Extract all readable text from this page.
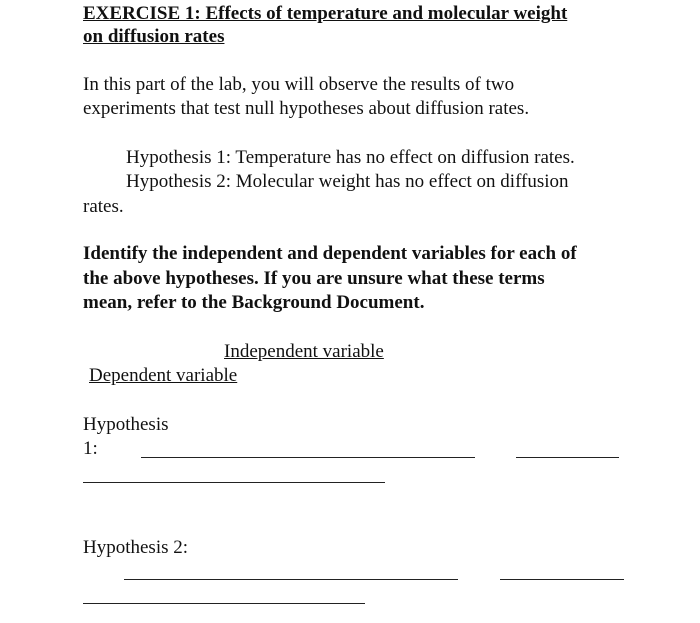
EXERCISE 1: Effects of temperature and molecular weight
on diffusion rates
In this part of the lab, you will observe the results of two
experiments that test null hypotheses about diffusion rates.
Hypothesis 1: Temperature has no effect on diffusion rates.
Hypothesis 2: Molecular weight has no effect on diffusion
rates.
Identify the independent and dependent variables for each of
the above hypotheses. If you are unsure what these terms
mean, refer to the Background Document.
Independent variable
Dependent variable
Hypothesis
1:
Hypothesis 2:
